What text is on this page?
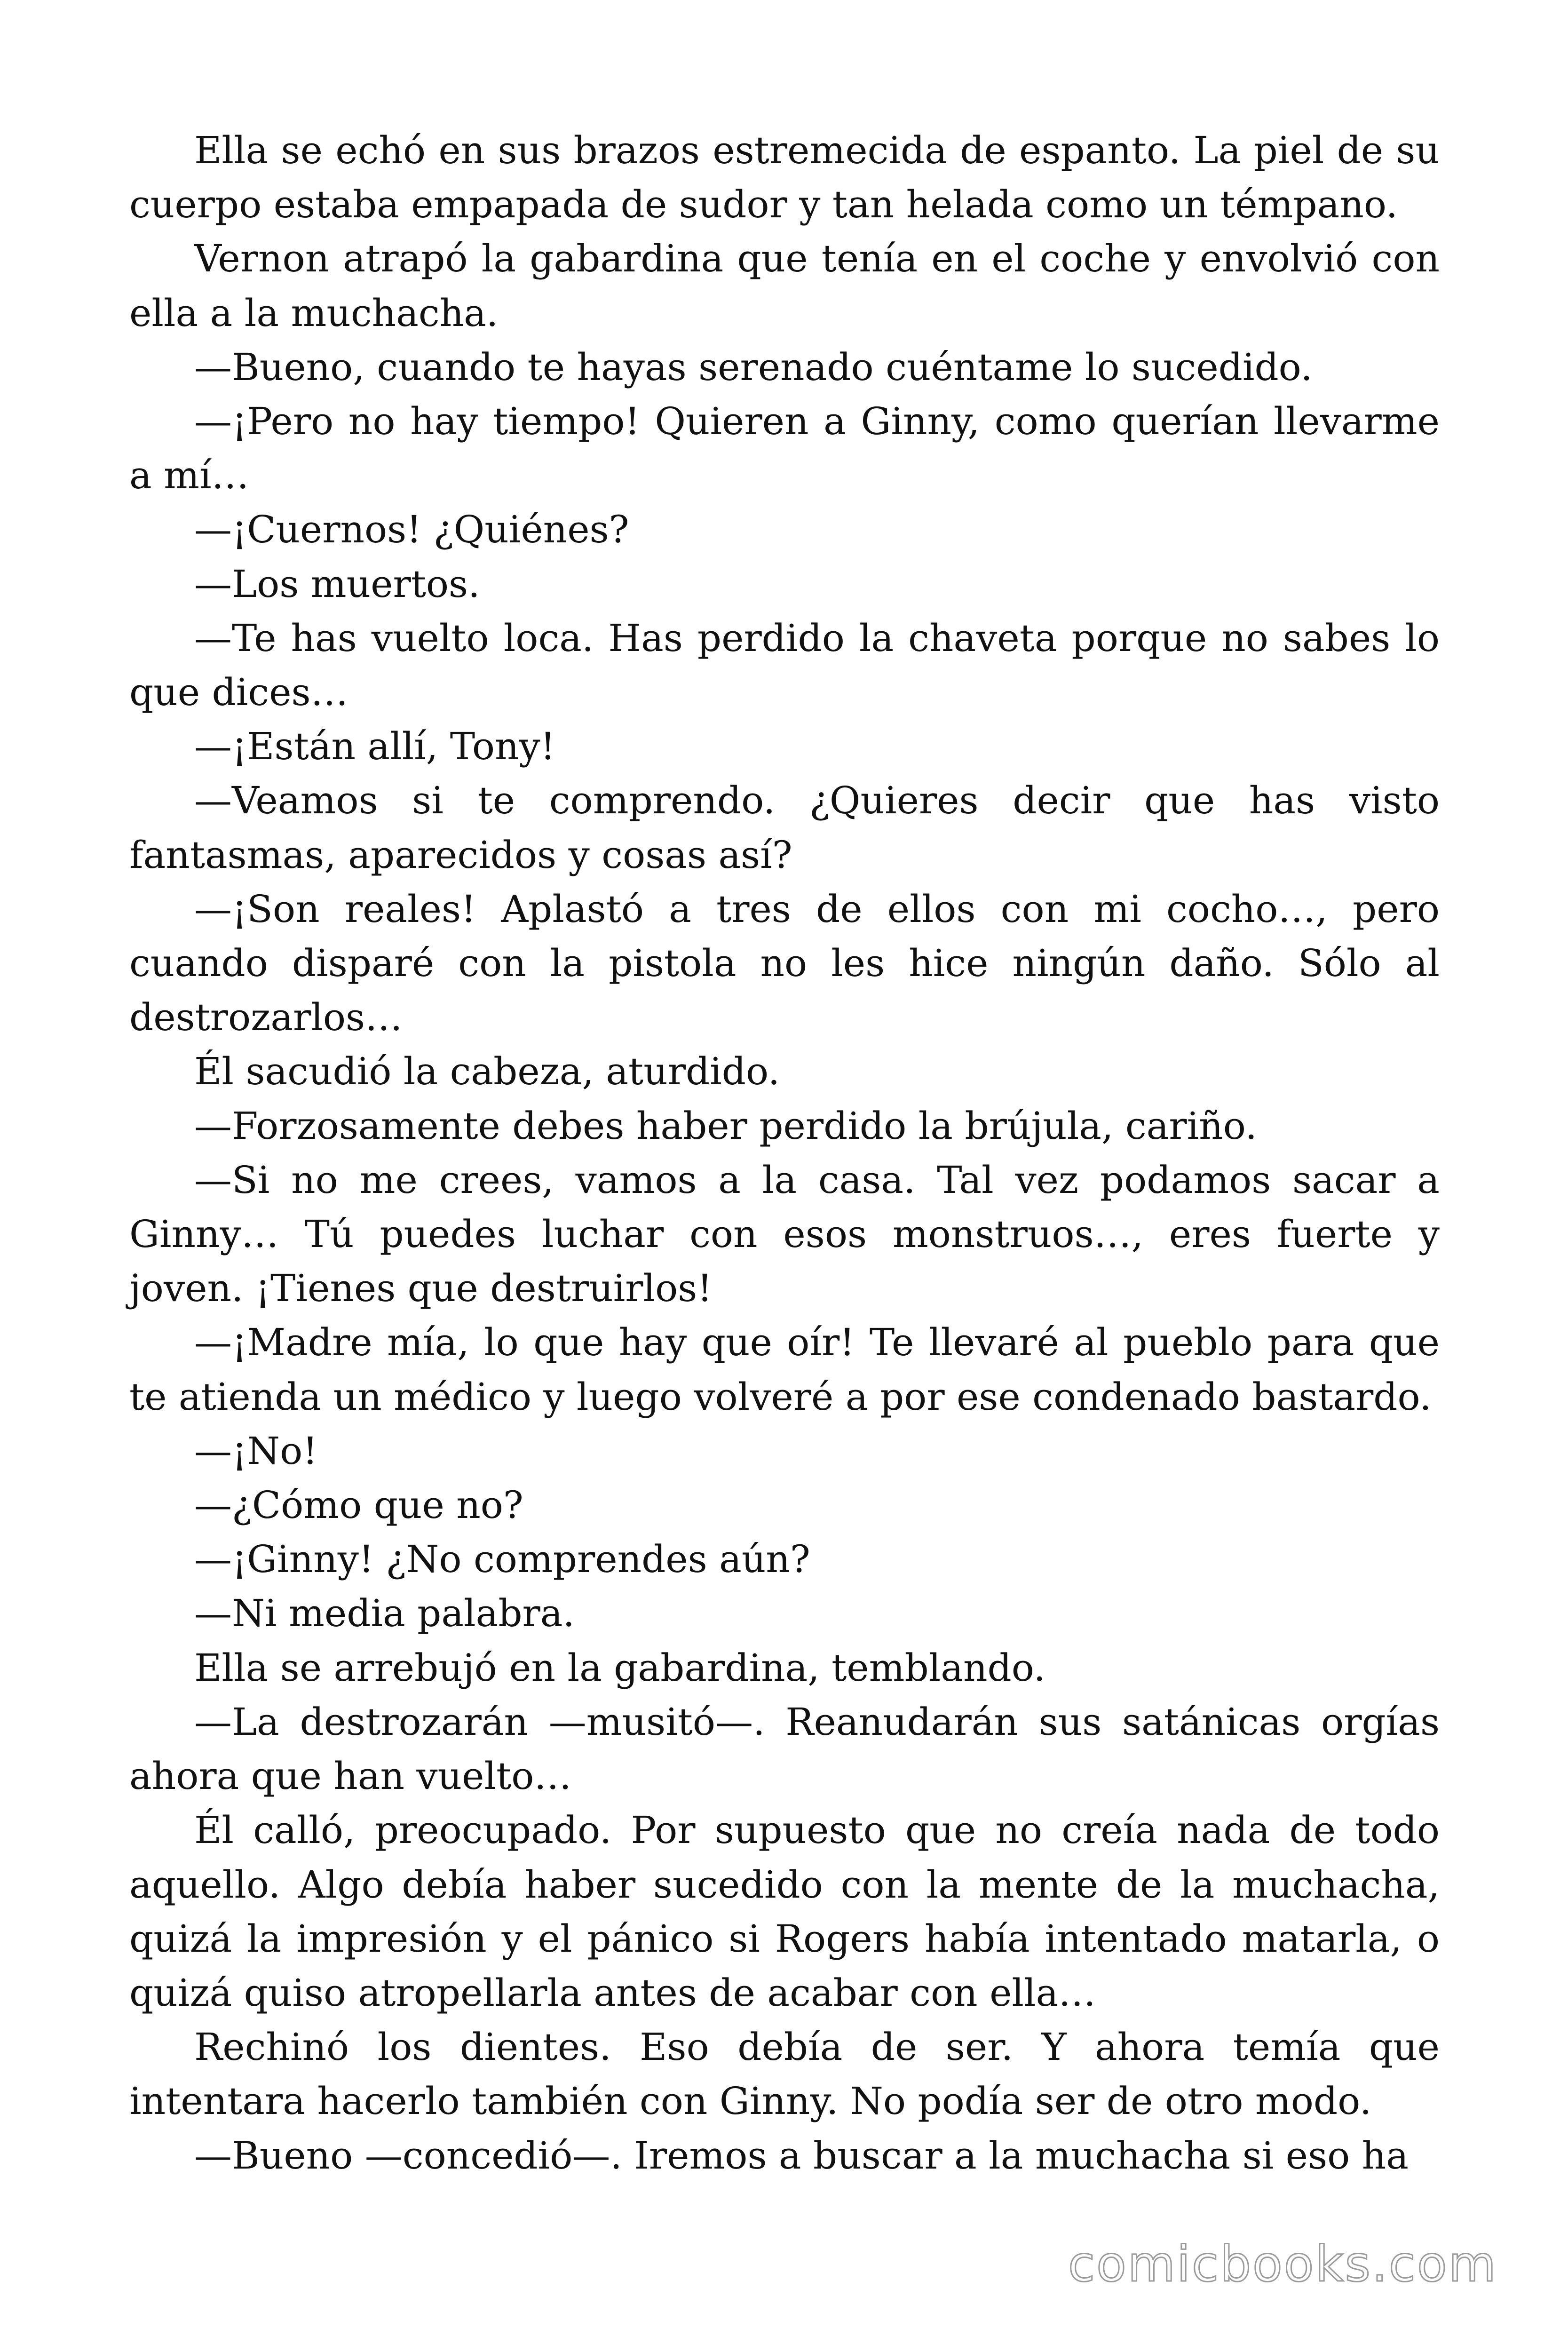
Ella se echó en sus brazos estremecida de espanto. La piel de su cuerpo estaba empapada de sudor y tan helada como un témpano.

Vernon atrapó la gabardina que tenía en el coche y envolvió con ella a la muchacha.

—Bueno, cuando te hayas serenado cuéntame lo sucedido.

—¡Pero no hay tiempo! Quieren a Ginny, como querían llevarme a mí…

—¡Cuernos! ¿Quiénes?

—Los muertos.

—Te has vuelto loca. Has perdido la chaveta porque no sabes lo que dices…

—¡Están allí, Tony!

—Veamos si te comprendo. ¿Quieres decir que has visto fantasmas, aparecidos y cosas así?

—¡Son reales! Aplastó a tres de ellos con mi cocho…, pero cuando disparé con la pistola no les hice ningún daño. Sólo al destrozarlos…

Él sacudió la cabeza, aturdido.

—Forzosamente debes haber perdido la brújula, cariño.

—Si no me crees, vamos a la casa. Tal vez podamos sacar a Ginny… Tú puedes luchar con esos monstruos…, eres fuerte y joven. ¡Tienes que destruirlos!

—¡Madre mía, lo que hay que oír! Te llevaré al pueblo para que te atienda un médico y luego volveré a por ese condenado bastardo.

—¡No!

—¿Cómo que no?

—¡Ginny! ¿No comprendes aún?

—Ni media palabra.

Ella se arrebujó en la gabardina, temblando.

—La destrozarán —musitó—. Reanudarán sus satánicas orgías ahora que han vuelto…

Él calló, preocupado. Por supuesto que no creía nada de todo aquello. Algo debía haber sucedido con la mente de la muchacha, quizá la impresión y el pánico si Rogers había intentado matarla, o quizá quiso atropellarla antes de acabar con ella…

Rechinó los dientes. Eso debía de ser. Y ahora temía que intentara hacerlo también con Ginny. No podía ser de otro modo.

—Bueno —concedió—. Iremos a buscar a la muchacha si eso ha

comicbooks.com
